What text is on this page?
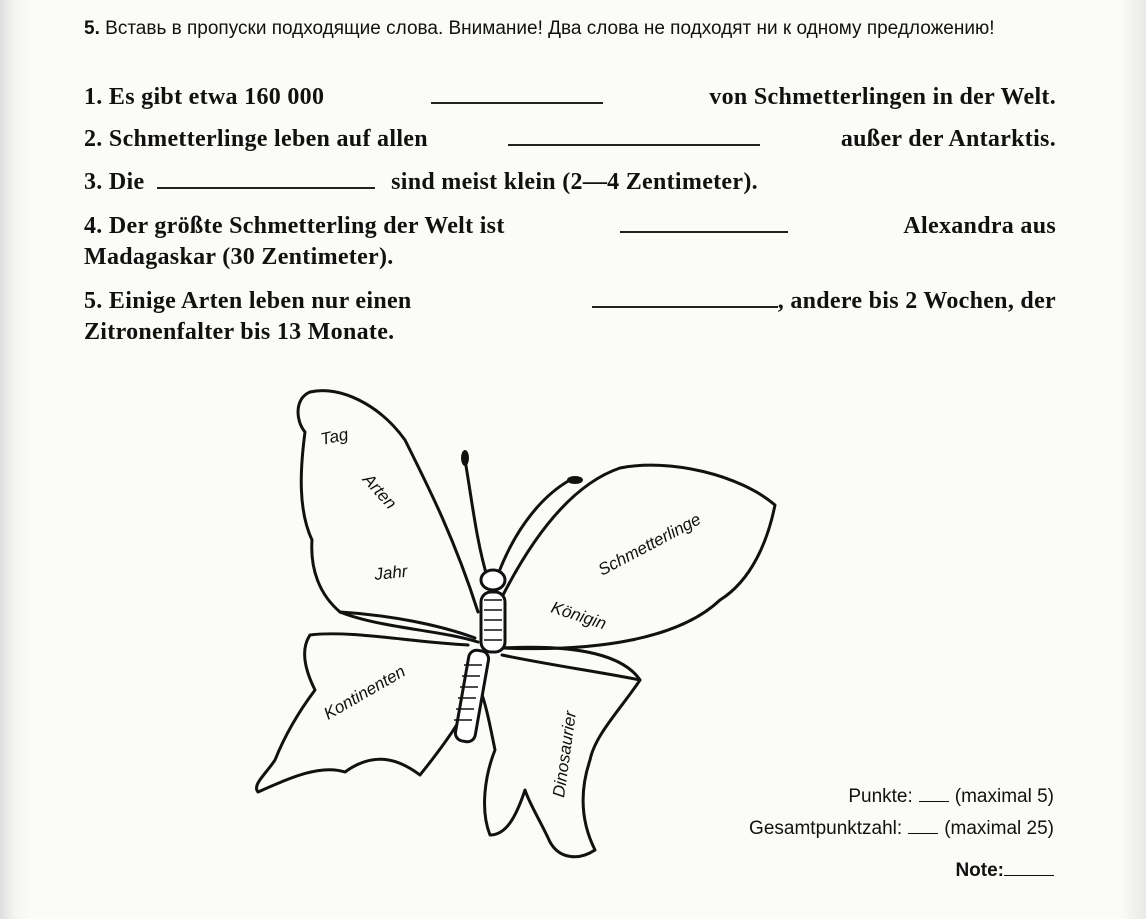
5. Вставь в пропуски подходящие слова. Внимание! Два слова не подходят ни к одному предложению!
1. Es gibt etwa 160 000	von Schmetterlingen in der Welt.
2. Schmetterlinge leben auf allen	außer der Antarktis.
3. Die	sind meist klein (2—4 Zentimeter).
4. Der größte Schmetterling der Welt ist	Alexandra aus
Madagaskar (30 Zentimeter).
5. Einige Arten leben nur einen	, andere bis 2 Wochen, der
Zitronenfalter bis 13 Monate.
Tag
Arten
Jahr	Schmetterlinge
Königin
Kontinenten
Dinosaurier	Punkte: (maximal 5)
Gesamtpunktzahl: (maximal 25)
Note:
